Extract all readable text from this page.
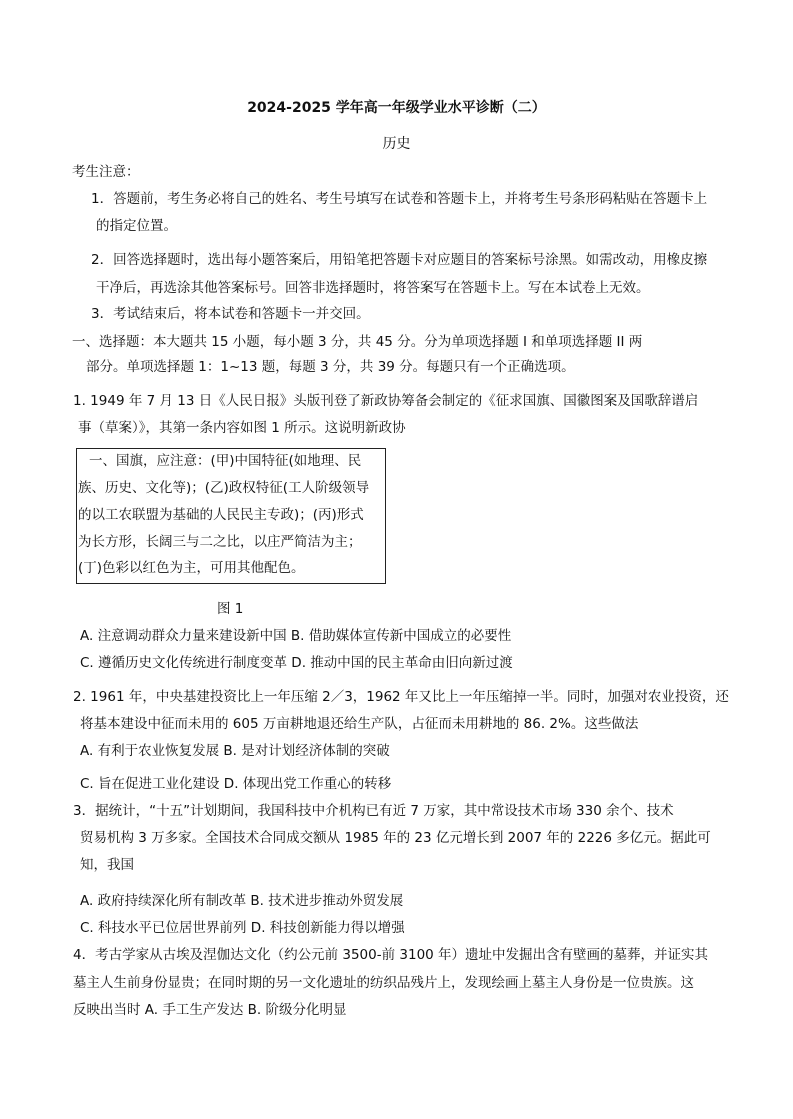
2024-2025 学年高一年级学业水平诊断（二）
历史
考生注意：
1．答题前，考生务必将自己的姓名、考生号填写在试卷和答题卡上，并将考生号条形码粘贴在答题卡上
的指定位置。
2．回答选择题时，选出每小题答案后，用铅笔把答题卡对应题目的答案标号涂黑。如需改动，用橡皮擦
干净后，再选涂其他答案标号。回答非选择题时，将答案写在答题卡上。写在本试卷上无效。
3．考试结束后，将本试卷和答题卡一并交回。
一、选择题：本大题共 15 小题，每小题 3 分，共 45 分。分为单项选择题 I 和单项选择题 II 两
部分。单项选择题 1：1~13 题，每题 3 分，共 39 分。每题只有一个正确选项。
1. 1949 年 7 月 13 日《人民日报》头版刊登了新政协筹备会制定的《征求国旗、国徽图案及国歌辞谱启
事（草案）》，其第一条内容如图 1 所示。这说明新政协
一、国旗，应注意：(甲)中国特征(如地理、民
族、历史、文化等)；(乙)政权特征(工人阶级领导
的以工农联盟为基础的人民民主专政)；(丙)形式
为长方形，长阔三与二之比，以庄严简洁为主；
(丁)色彩以红色为主，可用其他配色。
图 1
A. 注意调动群众力量来建设新中国 B. 借助媒体宣传新中国成立的必要性
C. 遵循历史文化传统进行制度变革 D. 推动中国的民主革命由旧向新过渡
2. 1961 年，中央基建投资比上一年压缩 2／3，1962 年又比上一年压缩掉一半。同时，加强对农业投资，还
将基本建设中征而未用的 605 万亩耕地退还给生产队，占征而未用耕地的 86. 2%。这些做法
A. 有利于农业恢复发展 B. 是对计划经济体制的突破
C. 旨在促进工业化建设 D. 体现出党工作重心的转移
3．据统计，“十五”计划期间，我国科技中介机构已有近 7 万家，其中常设技术市场 330 余个、技术
贸易机构 3 万多家。全国技术合同成交额从 1985 年的 23 亿元增长到 2007 年的 2226 多亿元。据此可
知，我国
A. 政府持续深化所有制改革 B. 技术进步推动外贸发展
C. 科技水平已位居世界前列 D. 科技创新能力得以增强
4．考古学家从古埃及涅伽达文化（约公元前 3500-前 3100 年）遗址中发掘出含有壁画的墓葬，并证实其
墓主人生前身份显贵；在同时期的另一文化遗址的纺织品残片上，发现绘画上墓主人身份是一位贵族。这
反映出当时 A. 手工生产发达 B. 阶级分化明显
